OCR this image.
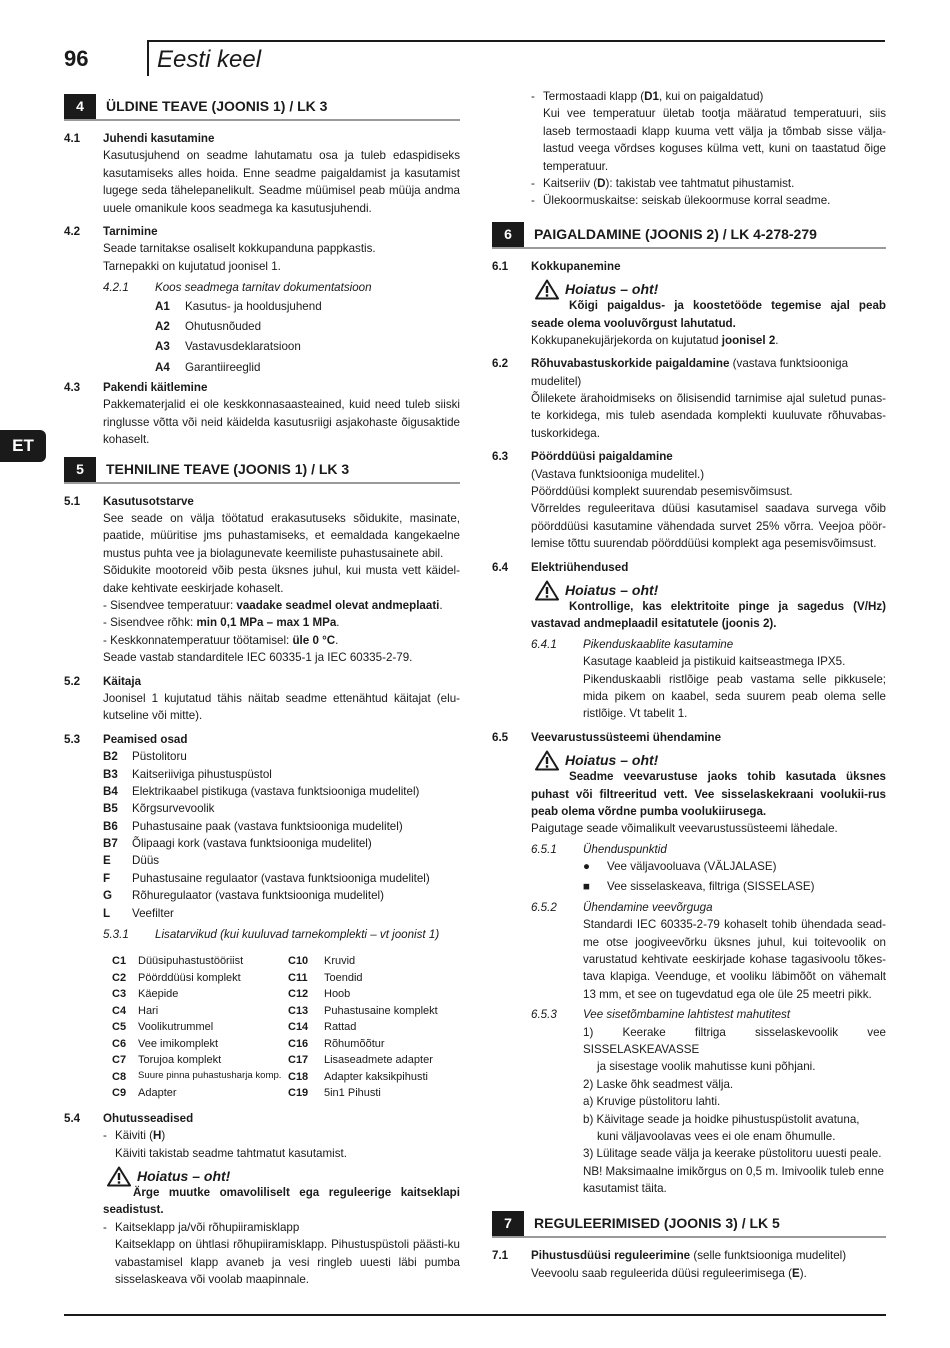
96	Eesti keel
ET
4	ÜLDINE TEAVE (JOONIS 1) / LK 3
4.1	Juhendi kasutamine
Kasutusjuhend on seadme lahutamatu osa ja tuleb edaspidiseks kasutamiseks alles hoida. Enne seadme paigaldamist ja kasutamist lugege seda tähelepanelikult. Seadme müümisel peab müüja andma uuele omanikule koos seadmega ka kasutusjuhendi.
4.2	Tarnimine
Seade tarnitakse osaliselt kokkupanduna pappkastis.
Tarnepakki on kujutatud joonisel 1.
4.2.1	Koos seadmega tarnitav dokumentatsioon
A1	Kasutus- ja hooldusjuhend
A2	Ohutusnõuded
A3	Vastavusdeklaratsioon
A4	Garantiireeglid
4.3	Pakendi käitlemine
Pakkematerjalid ei ole keskkonnasaasteained, kuid need tuleb siiski ringlusse võtta või neid käidelda kasutusriigi asjakohaste õigusaktide kohaselt.
5	TEHNILINE TEAVE (JOONIS 1) / LK 3
5.1	Kasutusotstarve
See seade on välja töötatud erakasutuseks sõidukite, masinate, paatide, müüritise jms puhastamiseks, et eemaldada kangekaelne mustus puhta vee ja biolagunevate keemiliste puhastusainete abil.
Sõidukite mootoreid võib pesta üksnes juhul, kui musta vett käidel-dake kehtivate eeskirjade kohaselt.
- Sisendvee temperatuur: vaadake seadmel olevat andmeplaati.
- Sisendvee rõhk: min 0,1 MPa – max 1 MPa.
- Keskkonnatemperatuur töötamisel: üle 0 °C.
Seade vastab standarditele IEC 60335-1 ja IEC 60335-2-79.
5.2	Käitaja
Joonisel 1 kujutatud tähis näitab seadme ettenähtud käitajat (elu-kutseline või mitte).
5.3	Peamised osad
B2	Püstolitoru
B3	Kaitseriiviga pihustuspüstol
B4	Elektrikaabel pistikuga (vastava funktsiooniga mudelitel)
B5	Kõrgsurvevoolik
B6	Puhastusaine paak (vastava funktsiooniga mudelitel)
B7	Õlipaagi kork (vastava funktsiooniga mudelitel)
E	Düüs
F	Puhastusaine regulaator (vastava funktsiooniga mudelitel)
G	Rõhuregulaator (vastava funktsiooniga mudelitel)
L	Veefilter
5.3.1	Lisatarvikud (kui kuuluvad tarnekomplekti – vt joonist 1)
C1	Düüsipuhastustööriist	C10	Kruvid
C2	Pöörddüüsi komplekt	C11	Toendid
C3	Käepide	C12	Hoob
C4	Hari	C13	Puhastusaine komplekt
C5	Voolikutrummel	C14	Rattad
C6	Vee imikomplekt	C16	Rõhumõõtur
C7	Torujoa komplekt	C17	Lisaseadmete adapter
C8	Suure pinna puhastusharja komp. C18	Adapter kaksikpihusti
C9	Adapter	C19	5in1 Pihusti
5.4	Ohutusseadised
- Käiviti (H)
Käiviti takistab seadme tahtmatut kasutamist.
Hoiatus – oht!
Ärge muutke omavoliliselt ega reguleerige kaitseklapi seadistust.
- Kaitseklapp ja/või rõhupiiramisklapp
Kaitseklapp on ühtlasi rõhupiiramisklapp. Pihustuspüstoli päästi-ku vabastamisel klapp avaneb ja vesi ringleb uuesti läbi pumba sisselaskeava või voolab maapinnale.
- Termostaadi klapp (D1, kui on paigaldatud)
Kui vee temperatuur ületab tootja määratud temperatuuri, siis laseb termostaadi klapp kuuma vett välja ja tõmbab sisse välja-lastud veega võrdses koguses külma vett, kuni on taastatud õige temperatuur.
- Kaitseriiv (D): takistab vee tahtmatut pihustamist.
- Ülekoormuskaitse: seiskab ülekoormuse korral seadme.
6	PAIGALDAMINE (JOONIS 2) / LK 4-278-279
6.1	Kokkupanemine
Hoiatus – oht!
Kõigi paigaldus- ja koostetööde tegemise ajal peab seade olema vooluvõrgust lahutatud.
Kokkupanekujärjekorda on kujutatud joonisel 2.
6.2	Rõhuvabastuskorkide paigaldamine (vastava funktsiooniga
mudelitel)
Õlilekete ärahoidmiseks on õlisisendid tarnimise ajal suletud punas-te korkidega, mis tuleb asendada komplekti kuuluvate rõhuvabas-tuskorkidega.
6.3	Pöörddüüsi paigaldamine
(Vastava funktsiooniga mudelitel.)
Pöörddüüsi komplekt suurendab pesemisvõimsust.
Võrreldes reguleeritava düüsi kasutamisel saadava survega võib pöörddüüsi kasutamine vähendada survet 25% võrra. Veejoa pöör-lemise tõttu suurendab pöörddüüsi komplekt aga pesemisvõimsust.
6.4	Elektriühendused
Hoiatus – oht!
Kontrollige, kas elektritoite pinge ja sagedus (V/Hz) vastavad andmeplaadil esitatutele (joonis 2).
6.4.1	Pikenduskaablite kasutamine
Kasutage kaableid ja pistikuid kaitseastmega IPX5.
Pikenduskaabli ristlõige peab vastama selle pikkusele; mida pikem on kaabel, seda suurem peab olema selle ristlõige. Vt tabelit 1.
6.5	Veevarustussüsteemi ühendamine
Hoiatus – oht!
Seadme veevarustuse jaoks tohib kasutada üksnes puhast või filtreeritud vett. Vee sisselaskekraani voolukii-rus peab olema võrdne pumba voolukiirusega.
Paigutage seade võimalikult veevarustussüsteemi lähedale.
6.5.1	Ühenduspunktid
●	Vee väljavooluava (VÄLJALASE)
■	Vee sisselaskeava, filtriga (SISSELASE)
6.5.2	Ühendamine veevõrguga
Standardi IEC 60335-2-79 kohaselt tohib ühendada sead-me otse joogiveevõrku üksnes juhul, kui toitevoolik on varustatud kehtivate eeskirjade kohase tagasivoolu tõkes-tava klapiga. Veenduge, et vooliku läbimõõt on vähemalt 13 mm, et see on tugevdatud ega ole üle 25 meetri pikk.
6.5.3	Vee sisetõmbamine lahtistest mahutitest
1) Keerake filtriga sisselaskevoolik vee SISSELASKEAVASSE
ja sisestage voolik mahutisse kuni põhjani.
2) Laske õhk seadmest välja.
a) Kruvige püstolitoru lahti.
b) Käivitage seade ja hoidke pihustuspüstolit avatuna,
kuni väljavoolavas vees ei ole enam õhumulle.
3) Lülitage seade välja ja keerake püstolitoru uuesti peale.
NB! Maksimaalne imikõrgus on 0,5 m. Imivoolik tuleb enne
kasutamist täita.
7	REGULEERIMISED (JOONIS 3) / LK 5
7.1	Pihustusdüüsi reguleerimine (selle funktsiooniga mudelitel)
Veevoolu saab reguleerida düüsi reguleerimisega (E).
